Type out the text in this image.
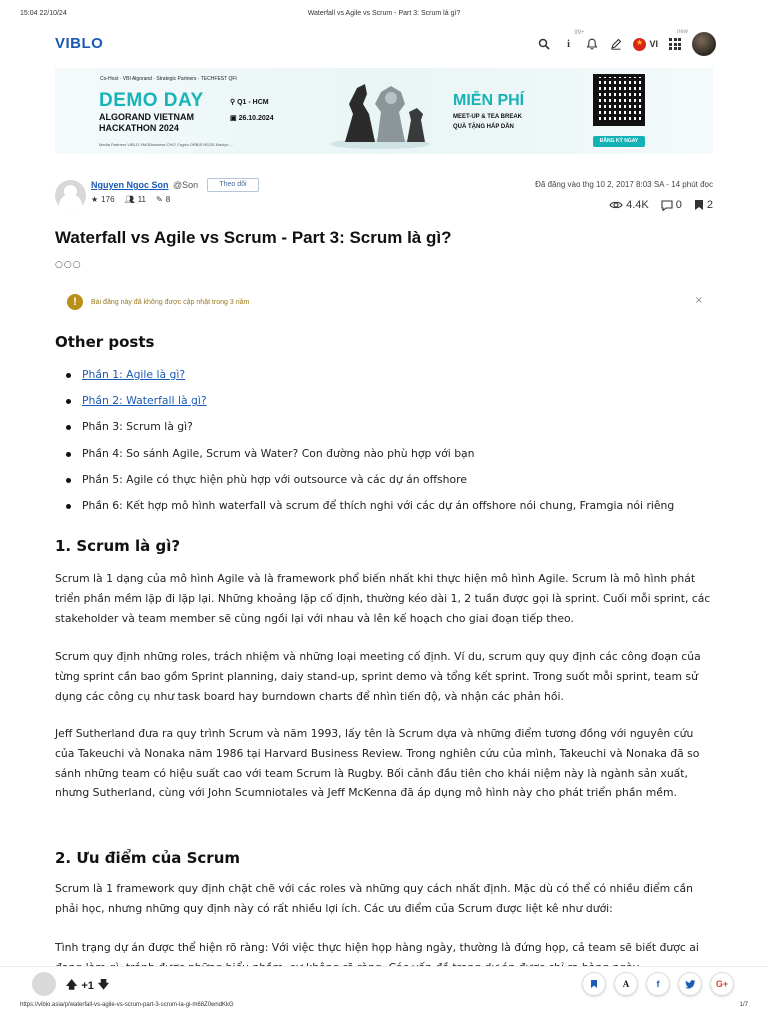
15:04 22/10/24	Waterfall vs Agile vs Scrum - Part 3: Scrum là gì?
VIBLO	i
99+
★
VI
new
Co-Host · VBI Algorand · Strategic Partners · TECHFEST QFI
DEMO DAY
ALGORAND VIETNAM
HACKATHON 2024
Media Partners VIBLO VMOBusiness CHỢ Crypto ORBIS BSOS Klaviyo ...
⚲ Q1 - HCM
▣ 26.10.2024
MIỄN PHÍ
MEET-UP & TEA BREAK
QUÀ TẶNG HẤP DẪN
ĐĂNG KÝ NGAY
Nguyen Ngoc Son @Son	Theo dõi
★ 176 👥︎ 11 ✎ 8
Đã đăng vào thg 10 2, 2017 8:03 SA - 14 phút đọc
4.4K 0 2
Waterfall vs Agile vs Scrum - Part 3: Scrum là gì?
○○○
!	Bài đăng này đã không được cập nhật trong 3 năm	×
Other posts
Phần 1: Agile là gì?
Phần 2: Waterfall là gì?
Phần 3: Scrum là gì?
Phần 4: So sánh Agile, Scrum và Water? Con đường nào phù hợp với bạn
Phần 5: Agile có thực hiện phù hợp với outsource và các dự án offshore
Phần 6: Kết hợp mô hình waterfall và scrum để thích nghi với các dự án offshore nói chung, Framgia nói riêng
1. Scrum là gì?

Scrum là 1 dạng của mô hình Agile và là framework phổ biến nhất khi thực hiện mô hình Agile. Scrum là mô hình phát triển phần mềm lặp đi lặp lại. Những khoảng lặp cố định, thường kéo dài 1, 2 tuần được gọi là sprint. Cuối mỗi sprint, các stakeholder và team member sẽ cùng ngồi lại với nhau và lên kế hoạch cho giai đoạn tiếp theo.

Scrum quy định những roles, trách nhiệm và những loại meeting cố định. Ví du, scrum quy quy định các công đoạn của từng sprint cần bao gồm Sprint planning, daiy stand-up, sprint demo và tổng kết sprint. Trong suốt mỗi sprint, team sử dụng các công cụ như task board hay burndown charts để nhìn tiến độ, và nhận các phản hồi.

Jeff Sutherland đưa ra quy trình Scrum và năm 1993, lấy tên là Scrum dựa và những điểm tương đồng với nguyên cứu của Takeuchi và Nonaka năm 1986 tại Harvard Business Review. Trong nghiên cứu của mình, Takeuchi và Nonaka đã so sánh những team có hiệu suất cao với team Scrum là Rugby. Bối cảnh đầu tiên cho khái niệm này là ngành sản xuất, nhưng Sutherland, cùng với John Scumniotales và Jeff McKenna đã áp dụng mô hình này cho phát triển phần mềm.

2. Ưu điểm của Scrum

Scrum là 1 framework quy định chặt chẽ với các roles và những quy cách nhất định. Mặc dù có thể có nhiều điểm cần phải học, nhưng những quy định này có rất nhiều lợi ích. Các ưu điểm của Scrum được liệt kê như dưới:

Tình trạng dự án được thể hiện rõ ràng: Với việc thực hiện họp hàng ngày, thường là đứng họp, cả team sẽ biết được ai

🡅 +1 🡇	A	f	G+
https://viblo.asia/p/waterfall-vs-agile-vs-scrum-part-3-scrum-la-gi-m68Z0wndKkG	1/7
